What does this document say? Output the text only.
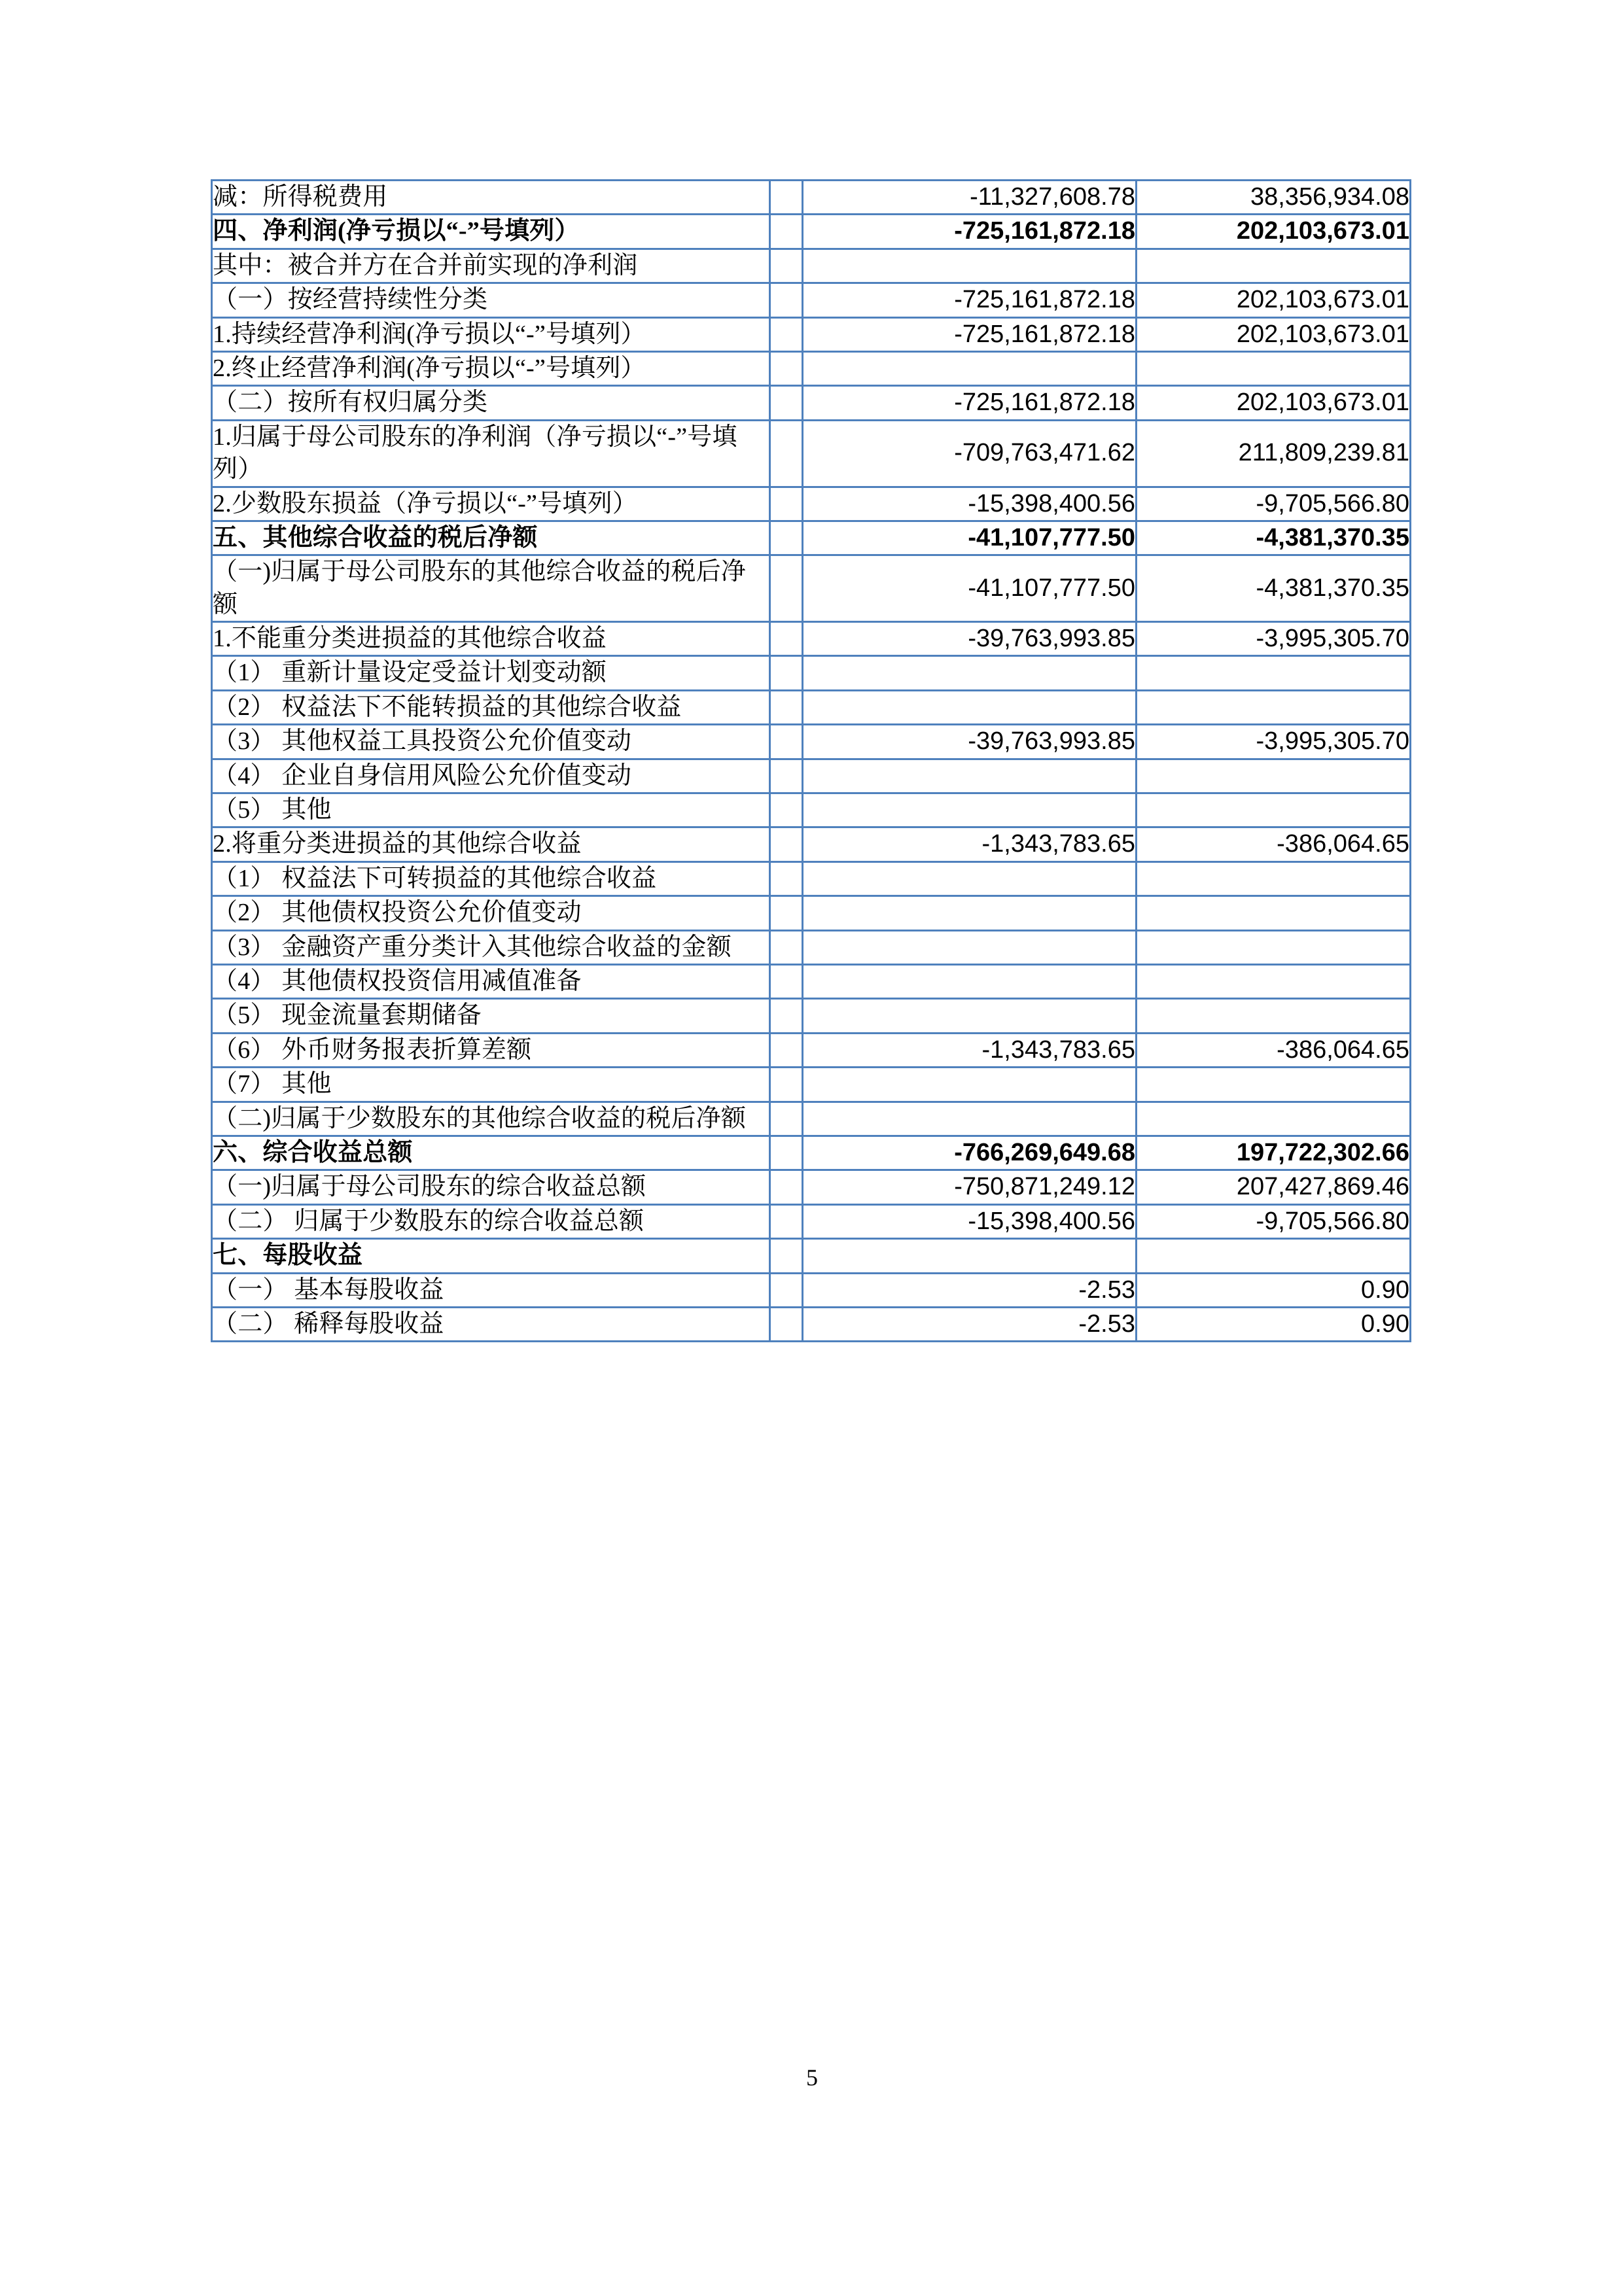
减：所得税费用		-11,327,608.78	38,356,934.08
四、净利润(净亏损以“-”号填列）		-725,161,872.18	202,103,673.01
其中：被合并方在合并前实现的净利润			
（一）按经营持续性分类		-725,161,872.18	202,103,673.01
1.持续经营净利润(净亏损以“-”号填列）		-725,161,872.18	202,103,673.01
2.终止经营净利润(净亏损以“-”号填列）			
（二）按所有权归属分类		-725,161,872.18	202,103,673.01
1.归属于母公司股东的净利润（净亏损以“-”号填列）		-709,763,471.62	211,809,239.81
2.少数股东损益（净亏损以“-”号填列）		-15,398,400.56	-9,705,566.80
五、其他综合收益的税后净额		-41,107,777.50	-4,381,370.35
（一)归属于母公司股东的其他综合收益的税后净额		-41,107,777.50	-4,381,370.35
1.不能重分类进损益的其他综合收益		-39,763,993.85	-3,995,305.70
（1） 重新计量设定受益计划变动额			
（2） 权益法下不能转损益的其他综合收益			
（3） 其他权益工具投资公允价值变动		-39,763,993.85	-3,995,305.70
（4） 企业自身信用风险公允价值变动			
（5） 其他			
2.将重分类进损益的其他综合收益		-1,343,783.65	-386,064.65
（1） 权益法下可转损益的其他综合收益			
（2） 其他债权投资公允价值变动			
（3） 金融资产重分类计入其他综合收益的金额			
（4） 其他债权投资信用减值准备			
（5） 现金流量套期储备			
（6） 外币财务报表折算差额		-1,343,783.65	-386,064.65
（7） 其他			
（二)归属于少数股东的其他综合收益的税后净额			
六、综合收益总额		-766,269,649.68	197,722,302.66
（一)归属于母公司股东的综合收益总额		-750,871,249.12	207,427,869.46
（二） 归属于少数股东的综合收益总额		-15,398,400.56	-9,705,566.80
七、每股收益			
（一） 基本每股收益		-2.53	0.90
（二） 稀释每股收益		-2.53	0.90
5
